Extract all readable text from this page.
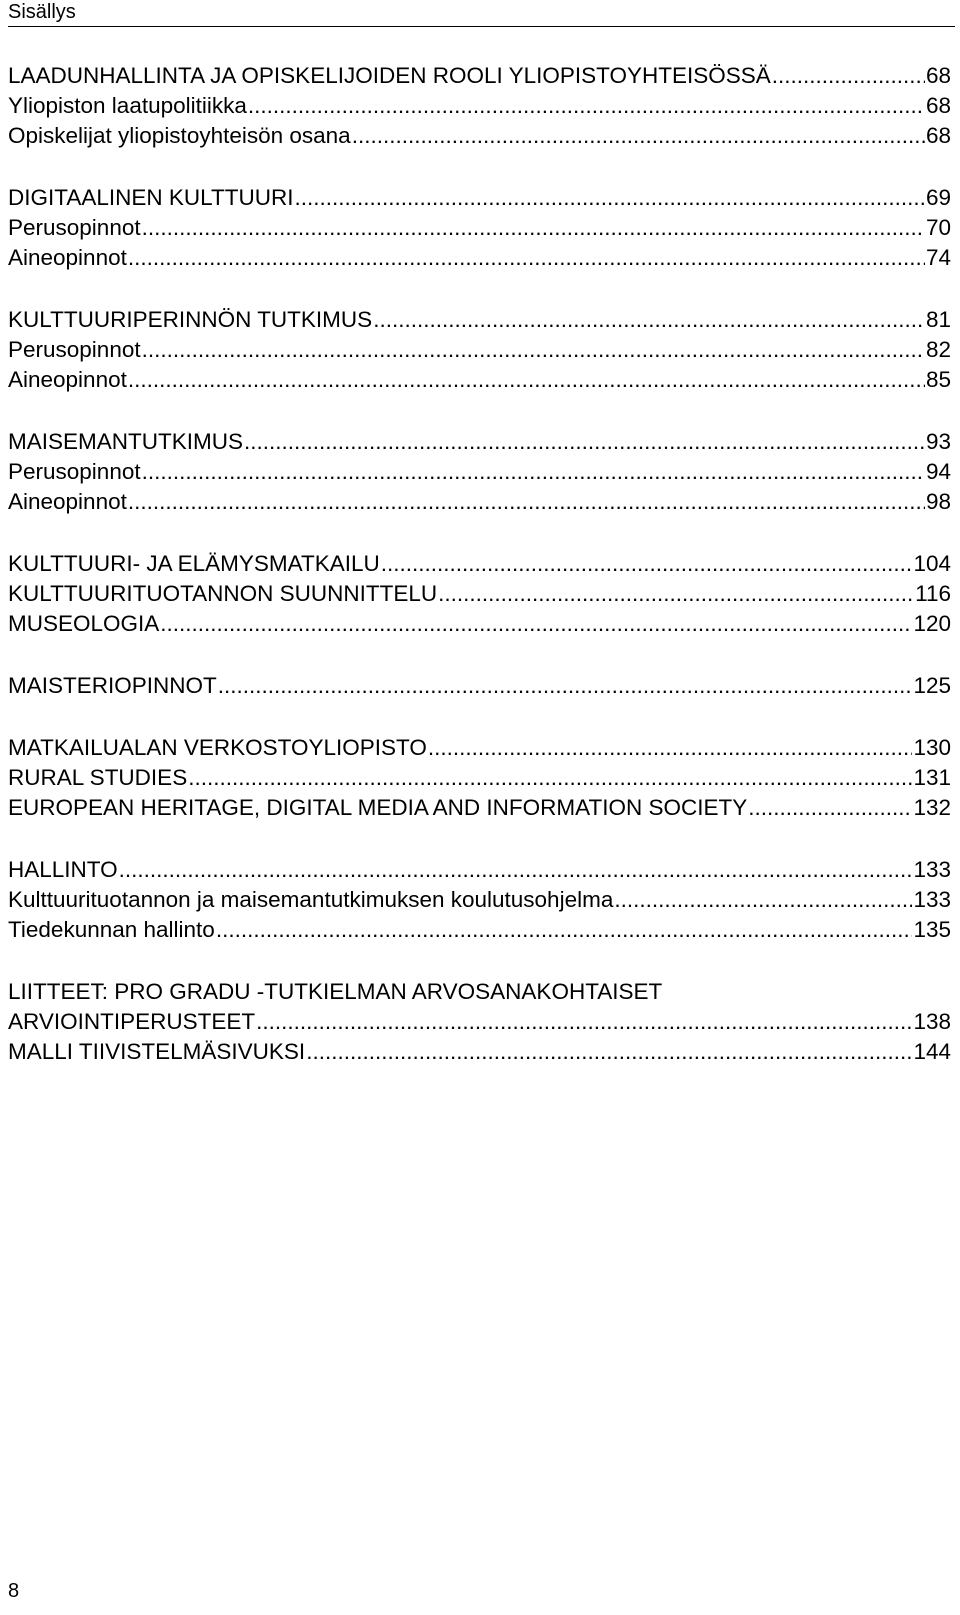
Sisällys
LAADUNHALLINTA JA OPISKELIJOIDEN ROOLI YLIOPISTOYHTEISÖSSÄ .....	68
Yliopiston laatupolitiikka .....	68
Opiskelijat yliopistoyhteisön osana .....	68
DIGITAALINEN KULTTUURI .....	69
Perusopinnot .....	70
Aineopinnot .....	74
KULTTUURIPERINNÖN TUTKIMUS .....	81
Perusopinnot .....	82
Aineopinnot .....	85
MAISEMANTUTKIMUS .....	93
Perusopinnot .....	94
Aineopinnot .....	98
KULTTUURI- JA ELÄMYSMATKAILU .....	104
KULTTUURITUOTANNON SUUNNITTELU .....	116
MUSEOLOGIA .....	120
MAISTERIOPINNOT .....	125
MATKAILUALAN VERKOSTOYLIOPISTO .....	130
RURAL STUDIES .....	131
EUROPEAN HERITAGE, DIGITAL MEDIA AND INFORMATION SOCIETY .....	132
HALLINTO .....	133
Kulttuurituotannon ja maisemantutkimuksen koulutusohjelma .....	133
Tiedekunnan hallinto .....	135
LIITTEET: PRO GRADU -TUTKIELMAN ARVOSANAKOHTAISET
ARVIOINTIPERUSTEET .....	138
MALLI TIIVISTELMÄSIVUKSI .....	144
8
